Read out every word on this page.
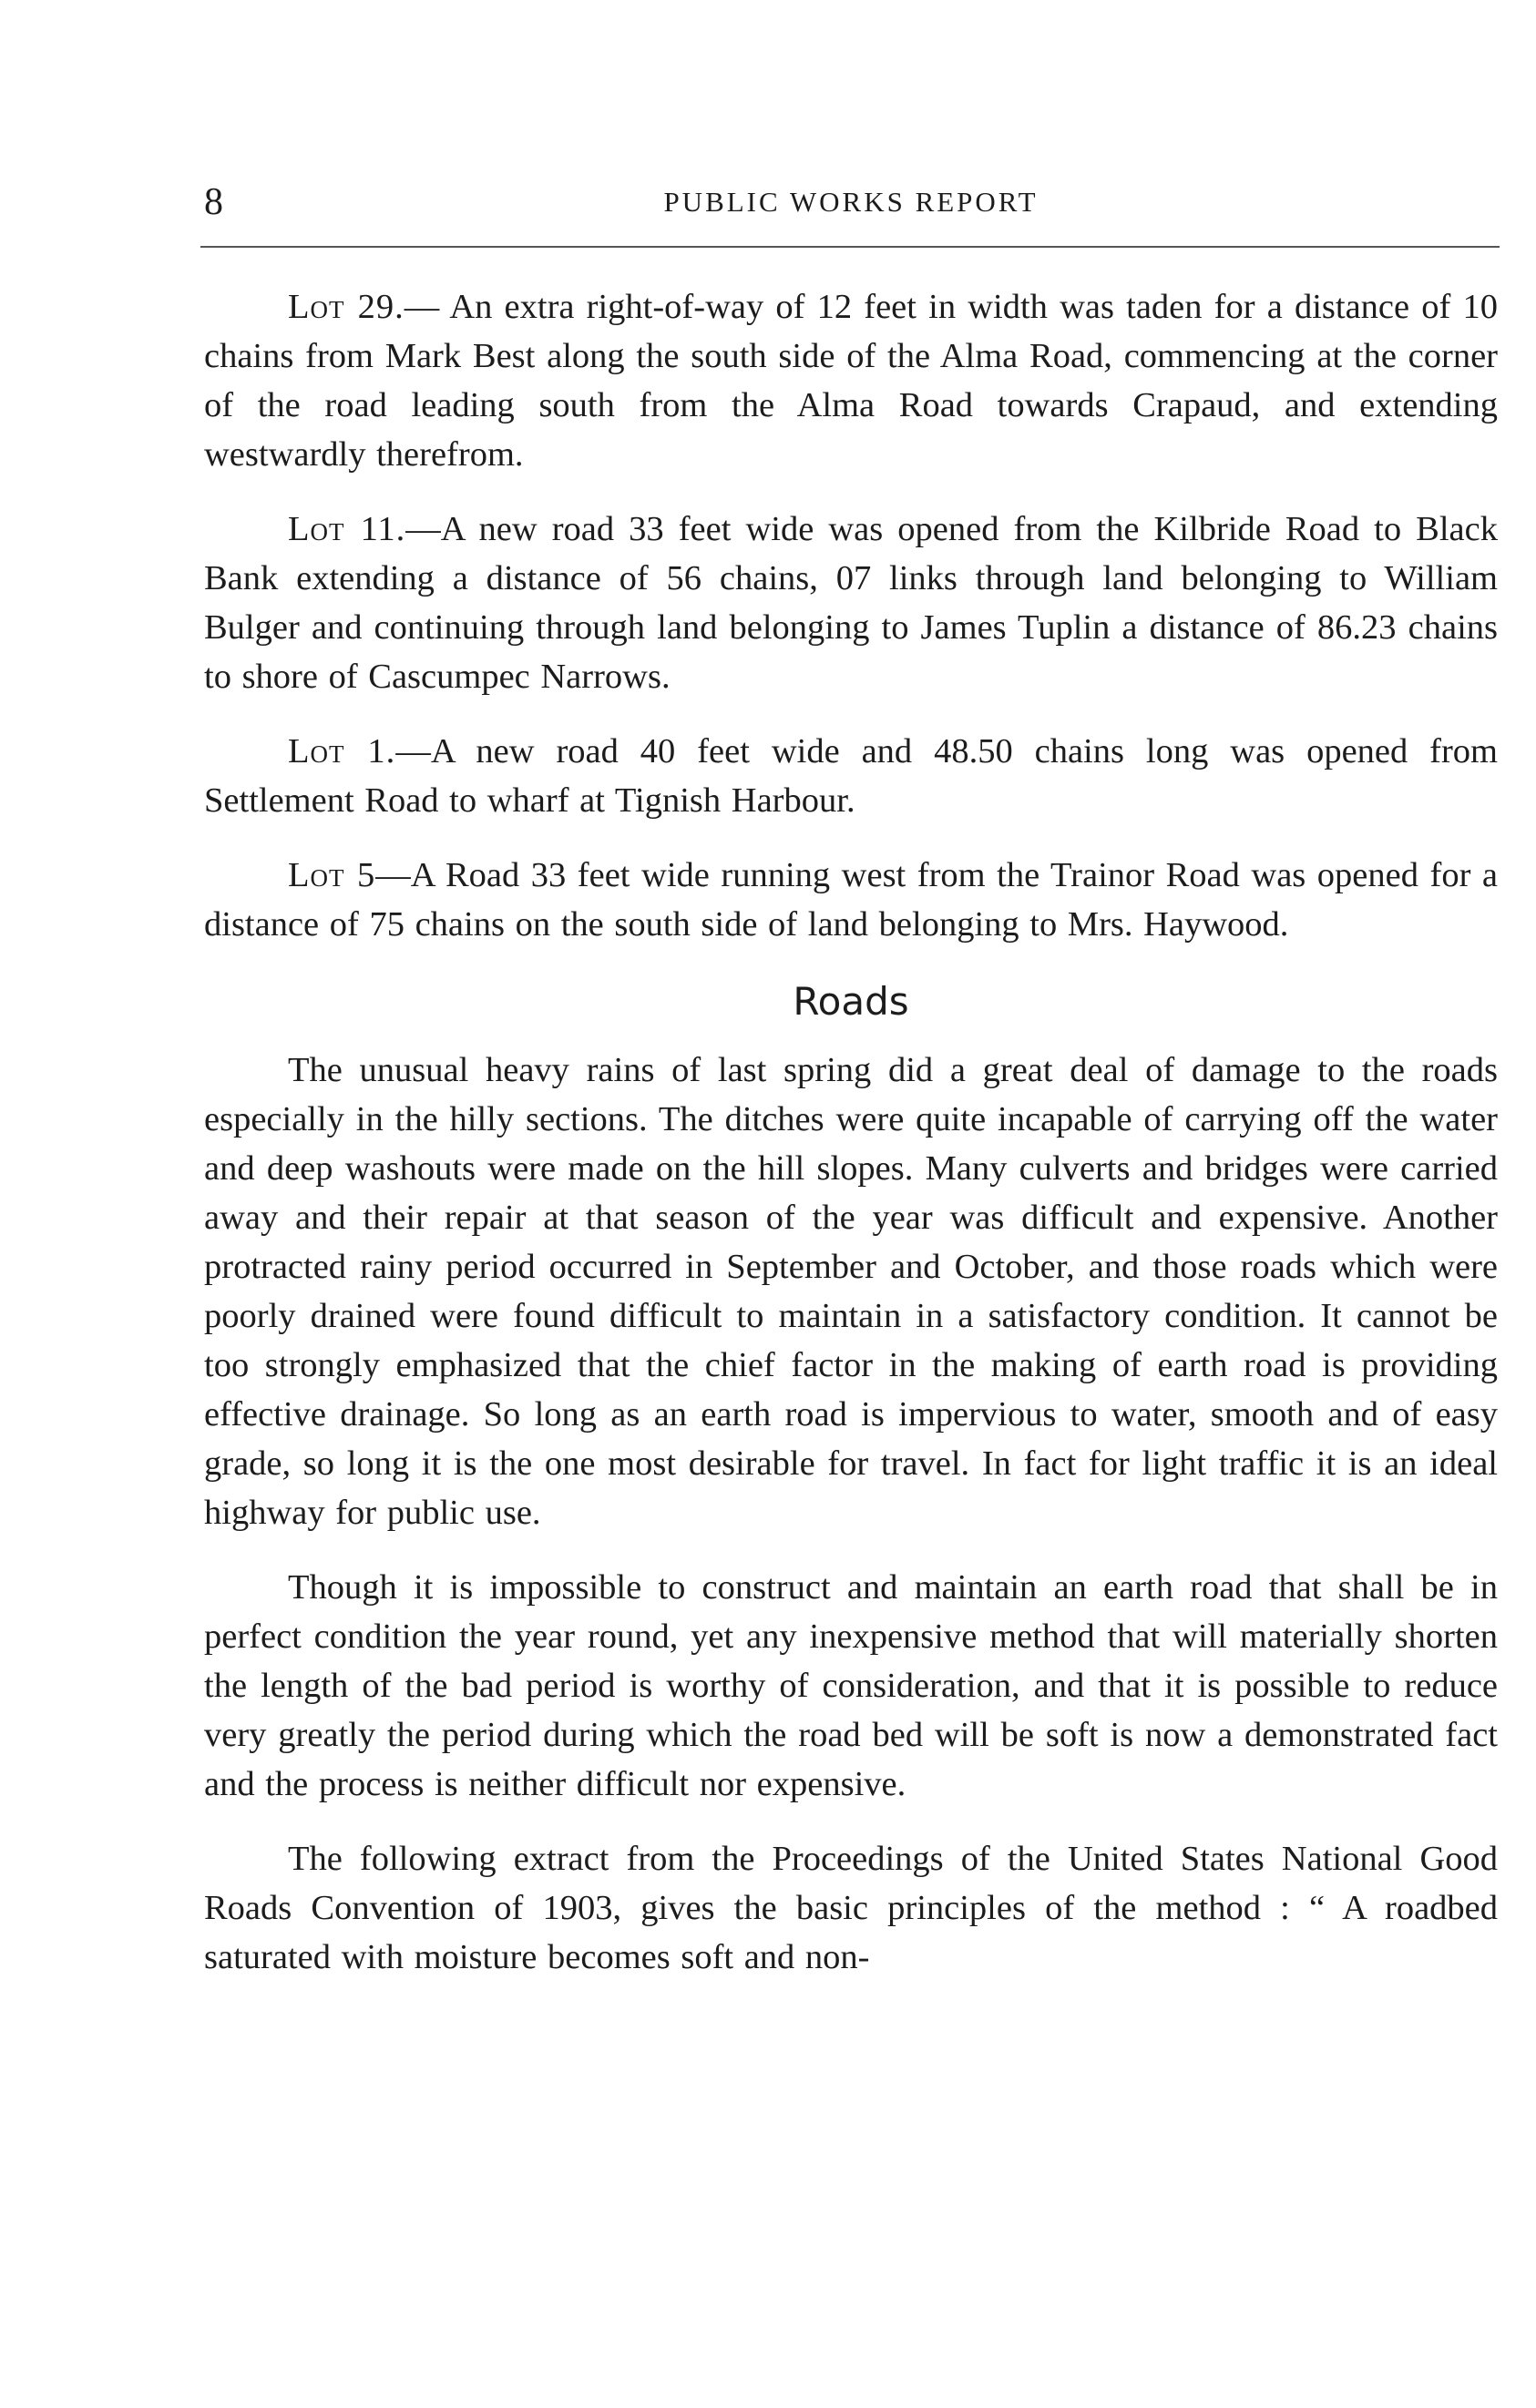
8	PUBLIC WORKS REPORT

Lot 29.— An extra right-of-way of 12 feet in width was taden for a distance of 10 chains from Mark Best along the south side of the Alma Road, commencing at the corner of the road leading south from the Alma Road towards Crapaud, and extending westwardly therefrom.

Lot 11.—A new road 33 feet wide was opened from the Kilbride Road to Black Bank extending a distance of 56 chains, 07 links through land belonging to William Bulger and continuing through land belonging to James Tuplin a distance of 86.23 chains to shore of Cascumpec Narrows.

Lot 1.—A new road 40 feet wide and 48.50 chains long was opened from Settlement Road to wharf at Tignish Harbour.

Lot 5—A Road 33 feet wide running west from the Trainor Road was opened for a distance of 75 chains on the south side of land belonging to Mrs. Haywood.

Roads

The unusual heavy rains of last spring did a great deal of damage to the roads especially in the hilly sections. The ditches were quite incapable of carrying off the water and deep washouts were made on the hill slopes. Many culverts and bridges were carried away and their repair at that season of the year was difficult and expensive. Another protracted rainy period occurred in September and October, and those roads which were poorly drained were found difficult to maintain in a satisfactory condition. It cannot be too strongly emphasized that the chief factor in the making of earth road is providing effective drainage. So long as an earth road is impervious to water, smooth and of easy grade, so long it is the one most desirable for travel. In fact for light traffic it is an ideal highway for public use.

Though it is impossible to construct and maintain an earth road that shall be in perfect condition the year round, yet any inexpensive method that will materially shorten the length of the bad period is worthy of consideration, and that it is possible to reduce very greatly the period during which the road bed will be soft is now a demonstrated fact and the process is neither difficult nor expensive.

The following extract from the Proceedings of the United States National Good Roads Convention of 1903, gives the basic principles of the method : “ A roadbed saturated with moisture becomes soft and non-
